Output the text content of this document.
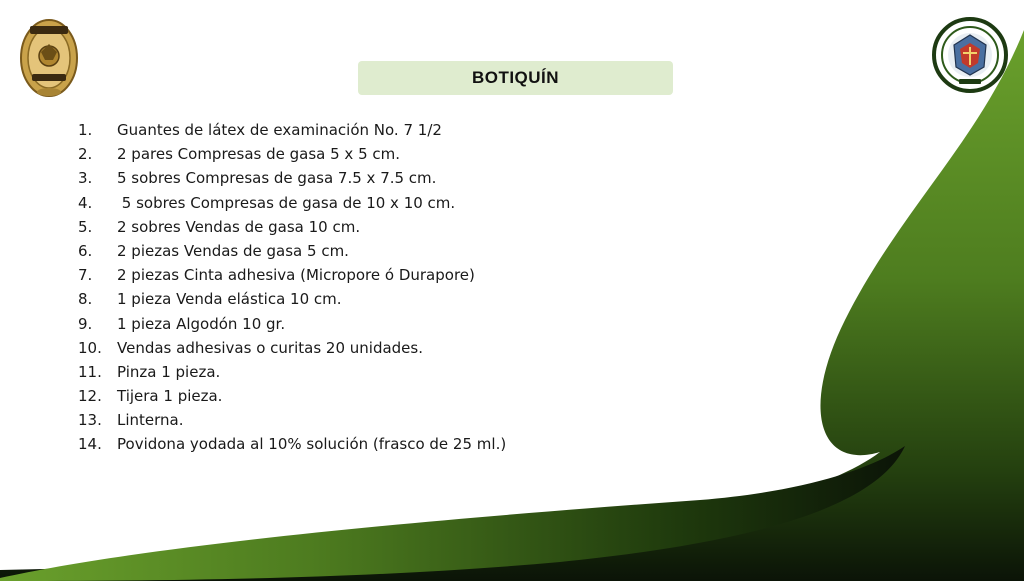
BOTIQUÍN
1. Guantes de látex de examinación No. 7 1/2
2. 2 pares Compresas de gasa 5 x 5 cm.
3. 5 sobres Compresas de gasa 7.5 x 7.5 cm.
4. 5 sobres Compresas de gasa de 10 x 10 cm.
5. 2 sobres Vendas de gasa 10 cm.
6. 2 piezas Vendas de gasa 5 cm.
7. 2 piezas Cinta adhesiva (Micropore ó Durapore)
8. 1 pieza Venda elástica 10 cm.
9. 1 pieza Algodón 10 gr.
10. Vendas adhesivas o curitas 20 unidades.
11. Pinza 1 pieza.
12. Tijera 1 pieza.
13. Linterna.
14. Povidona yodada al 10% solución (frasco de 25 ml.)
